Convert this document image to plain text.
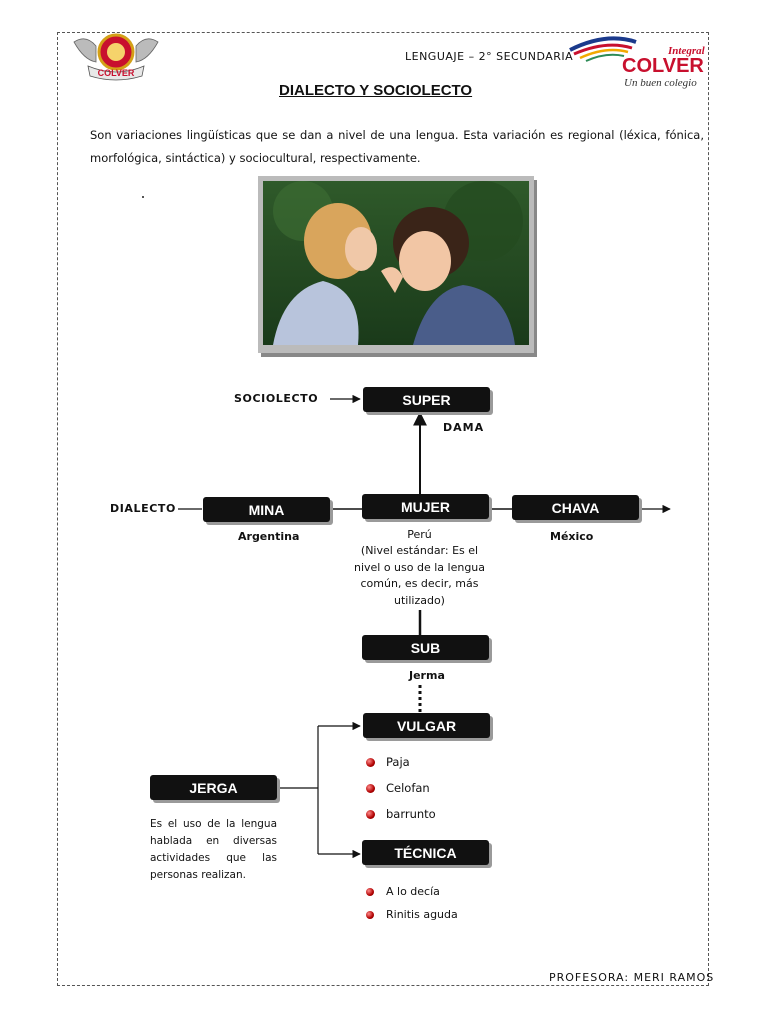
COLVER
LENGUAJE – 2° SECUNDARIA	Integral
COLVER
Un buen colegio
DIALECTO Y SOCIOLECTO
Son variaciones lingüísticas que se dan a nivel de una lengua. Esta variación es regional (léxica, fónica, morfológica, sintáctica) y sociocultural, respectivamente.
SOCIOLECTO	SUPER
DAMA
DIALECTO	MINA
Argentina
MUJER
Perú
(Nivel estándar: Es el nivel o uso de la lengua común, es decir, más utilizado)
CHAVA
México
SUB
Jerma
VULGAR
Paja
Celofan
barrunto
JERGA
Es el uso de la lengua hablada en diversas actividades que las personas realizan.
TÉCNICA
A lo decía
Rinitis aguda
PROFESORA: MERI RAMOS
